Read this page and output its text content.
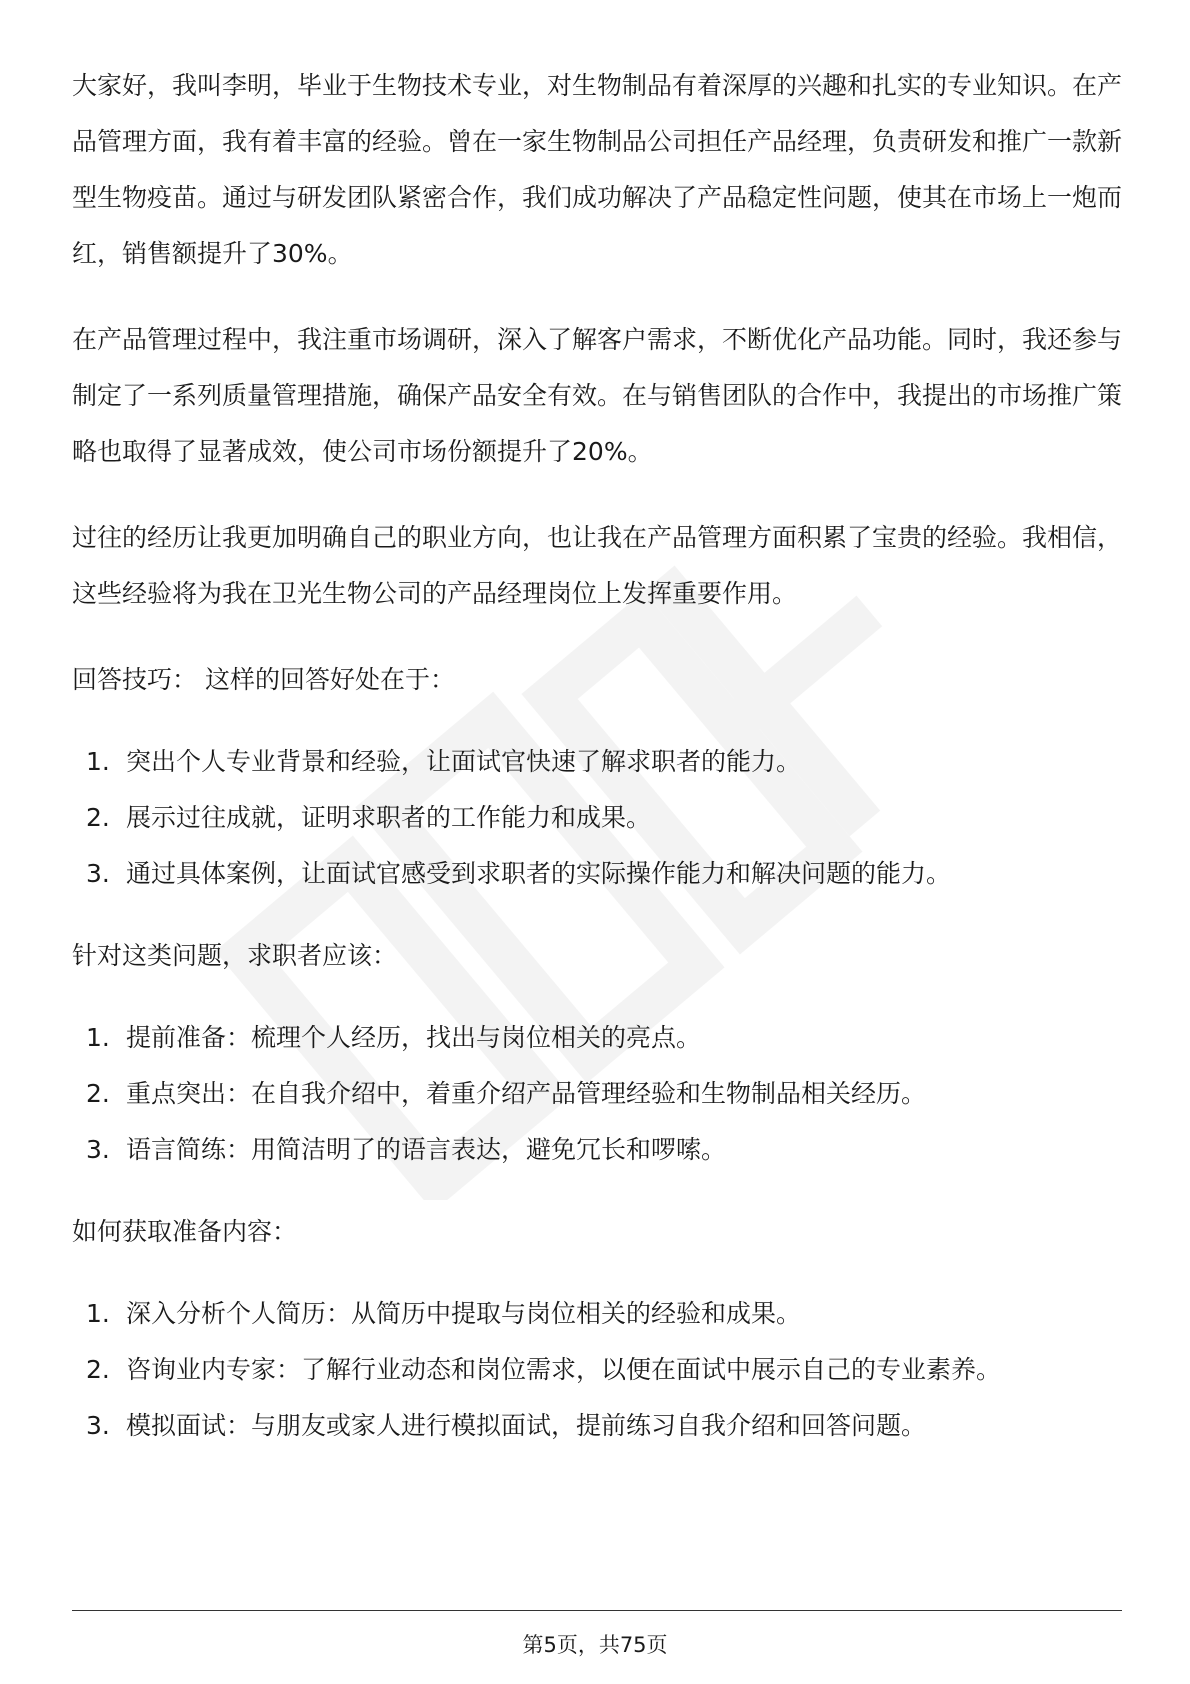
大家好，我叫李明，毕业于生物技术专业，对生物制品有着深厚的兴趣和扎实的专业知识。在产品管理方面，我有着丰富的经验。曾在一家生物制品公司担任产品经理，负责研发和推广一款新型生物疫苗。通过与研发团队紧密合作，我们成功解决了产品稳定性问题，使其在市场上一炮而红，销售额提升了30%。

在产品管理过程中，我注重市场调研，深入了解客户需求，不断优化产品功能。同时，我还参与制定了一系列质量管理措施，确保产品安全有效。在与销售团队的合作中，我提出的市场推广策略也取得了显著成效，使公司市场份额提升了20%。

过往的经历让我更加明确自己的职业方向，也让我在产品管理方面积累了宝贵的经验。我相信，这些经验将为我在卫光生物公司的产品经理岗位上发挥重要作用。

回答技巧： 这样的回答好处在于：

1. 突出个人专业背景和经验，让面试官快速了解求职者的能力。
2. 展示过往成就，证明求职者的工作能力和成果。
3. 通过具体案例，让面试官感受到求职者的实际操作能力和解决问题的能力。

针对这类问题，求职者应该：

1. 提前准备：梳理个人经历，找出与岗位相关的亮点。
2. 重点突出：在自我介绍中，着重介绍产品管理经验和生物制品相关经历。
3. 语言简练：用简洁明了的语言表达，避免冗长和啰嗦。

如何获取准备内容：

1. 深入分析个人简历：从简历中提取与岗位相关的经验和成果。
2. 咨询业内专家：了解行业动态和岗位需求，以便在面试中展示自己的专业素养。
3. 模拟面试：与朋友或家人进行模拟面试，提前练习自我介绍和回答问题。
第5页，共75页
